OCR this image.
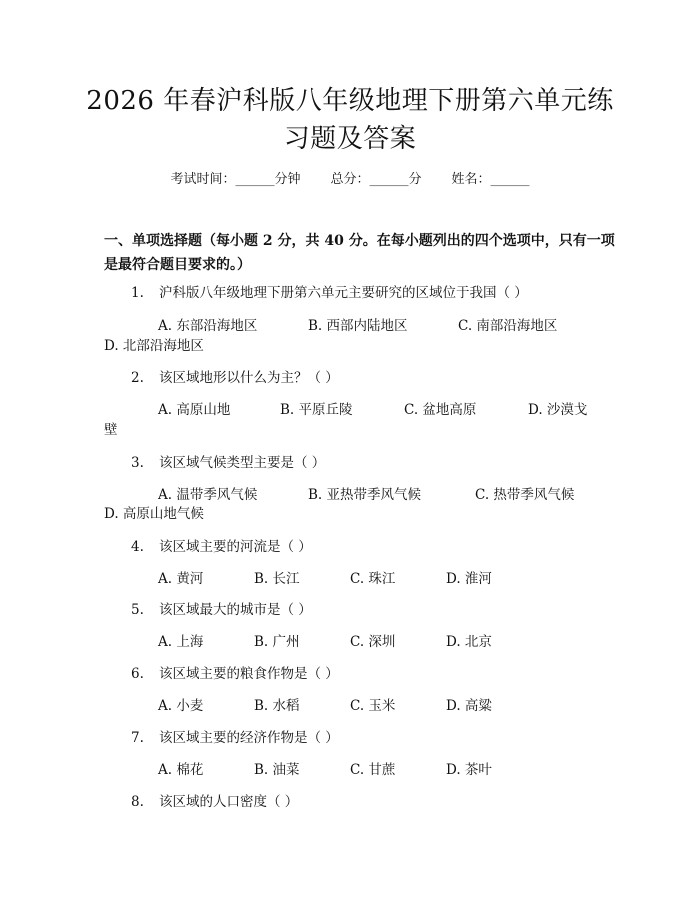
2026 年春沪科版八年级地理下册第六单元练
习题及答案
考试时间：______分钟 总分：______分 姓名：______
一、单项选择题（每小题 2 分，共 40 分。在每小题列出的四个选项中，只有一项
是最符合题目要求的。）
1. 沪科版八年级地理下册第六单元主要研究的区域位于我国（ ）
A. 东部沿海地区	B. 西部内陆地区	C. 南部沿海地区
D. 北部沿海地区
2. 该区域地形以什么为主？（ ）
A. 高原山地	B. 平原丘陵	C. 盆地高原	D. 沙漠戈
壁
3. 该区域气候类型主要是（ ）
A. 温带季风气候	B. 亚热带季风气候	C. 热带季风气候
D. 高原山地气候
4. 该区域主要的河流是（ ）
A. 黄河	B. 长江	C. 珠江	D. 淮河
5. 该区域最大的城市是（ ）
A. 上海	B. 广州	C. 深圳	D. 北京
6. 该区域主要的粮食作物是（ ）
A. 小麦	B. 水稻	C. 玉米	D. 高粱
7. 该区域主要的经济作物是（ ）
A. 棉花	B. 油菜	C. 甘蔗	D. 茶叶
8. 该区域的人口密度（ ）
